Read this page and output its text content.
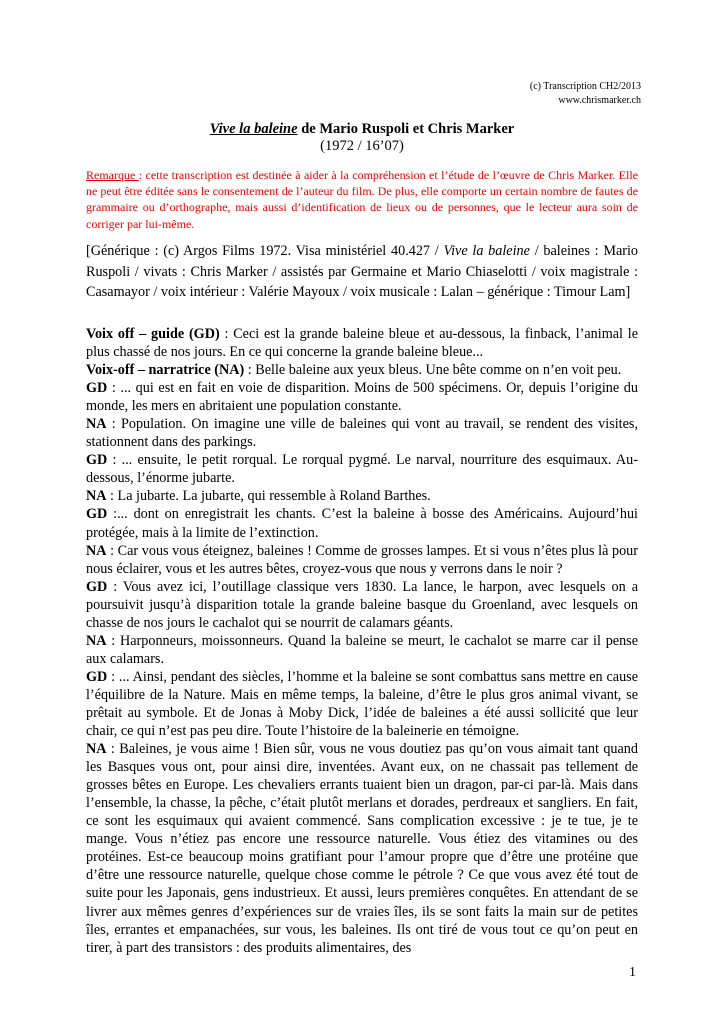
(c) Transcription CH2/2013
www.chrismarker.ch
Vive la baleine de Mario Ruspoli et Chris Marker
(1972 / 16’07)
Remarque : cette transcription est destinée à aider à la compréhension et l’étude de l’œuvre de Chris Marker. Elle ne peut être éditée sans le consentement de l’auteur du film. De plus, elle comporte un certain nombre de fautes de grammaire ou d’orthographe, mais aussi d’identification de lieux ou de personnes, que le lecteur aura soin de corriger par lui-même.
[Générique : (c) Argos Films 1972. Visa ministériel 40.427 / Vive la baleine / baleines : Mario Ruspoli / vivats : Chris Marker / assistés par Germaine et Mario Chiaselotti / voix magistrale : Casamayor / voix intérieur : Valérie Mayoux / voix musicale : Lalan – générique : Timour Lam]

Voix off – guide (GD) : Ceci est la grande baleine bleue et au-dessous, la finback, l’animal le plus chassé de nos jours. En ce qui concerne la grande baleine bleue...

Voix-off – narratrice (NA) : Belle baleine aux yeux bleus. Une bête comme on n’en voit peu.

GD : ... qui est en fait en voie de disparition. Moins de 500 spécimens. Or, depuis l’origine du monde, les mers en abritaient une population constante.

NA : Population. On imagine une ville de baleines qui vont au travail, se rendent des visites, stationnent dans des parkings.

GD : ... ensuite, le petit rorqual. Le rorqual pygmé. Le narval, nourriture des esquimaux. Au-dessous, l’énorme jubarte.

NA : La jubarte. La jubarte, qui ressemble à Roland Barthes.

GD :... dont on enregistrait les chants. C’est la baleine à bosse des Américains. Aujourd’hui protégée, mais à la limite de l’extinction.

NA : Car vous vous éteignez, baleines ! Comme de grosses lampes. Et si vous n’êtes plus là pour nous éclairer, vous et les autres bêtes, croyez-vous que nous y verrons dans le noir ?

GD : Vous avez ici, l’outillage classique vers 1830. La lance, le harpon, avec lesquels on a poursuivit jusqu’à disparition totale la grande baleine basque du Groenland, avec lesquels on chasse de nos jours le cachalot qui se nourrit de calamars géants.

NA : Harponneurs, moissonneurs. Quand la baleine se meurt, le cachalot se marre car il pense aux calamars.

GD : ... Ainsi, pendant des siècles, l’homme et la baleine se sont combattus sans mettre en cause l’équilibre de la Nature. Mais en même temps, la baleine, d’être le plus gros animal vivant, se prêtait au symbole. Et de Jonas à Moby Dick, l’idée de baleines a été aussi sollicité que leur chair, ce qui n’est pas peu dire. Toute l’histoire de la baleinerie en témoigne.

NA : Baleines, je vous aime ! Bien sûr, vous ne vous doutiez pas qu’on vous aimait tant quand les Basques vous ont, pour ainsi dire, inventées. Avant eux, on ne chassait pas tellement de grosses bêtes en Europe. Les chevaliers errants tuaient bien un dragon, par-ci par-là. Mais dans l’ensemble, la chasse, la pêche, c’était plutôt merlans et dorades, perdreaux et sangliers. En fait, ce sont les esquimaux qui avaient commencé. Sans complication excessive : je te tue, je te mange. Vous n’étiez pas encore une ressource naturelle. Vous étiez des vitamines ou des protéines. Est-ce beaucoup moins gratifiant pour l’amour propre que d’être une protéine que d’être une ressource naturelle, quelque chose comme le pétrole ? Ce que vous avez été tout de suite pour les Japonais, gens industrieux. Et aussi, leurs premières conquêtes. En attendant de se livrer aux mêmes genres d’expériences sur de vraies îles, ils se sont faits la main sur de petites îles, errantes et empanachées, sur vous, les baleines. Ils ont tiré de vous tout ce qu’on peut en tirer, à part des transistors : des produits alimentaires, des

1
